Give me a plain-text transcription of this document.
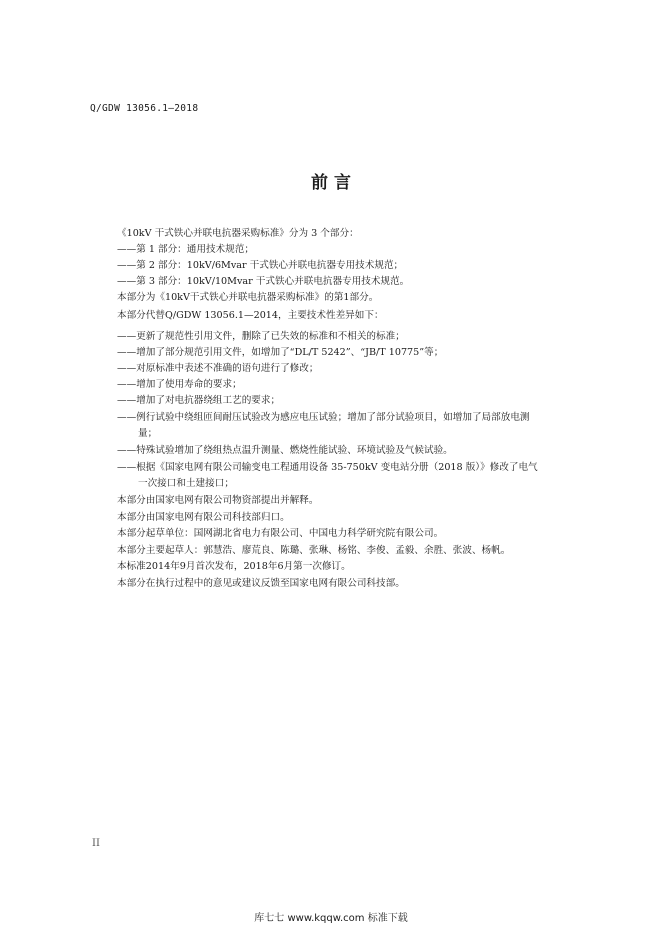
Q/GDW 13056.1—2018
前 言
《10kV 干式铁心并联电抗器采购标准》分为 3 个部分：
——第 1 部分：通用技术规范；
——第 2 部分：10kV/6Mvar 干式铁心并联电抗器专用技术规范；
——第 3 部分：10kV/10Mvar 干式铁心并联电抗器专用技术规范。
本部分为《10kV干式铁心并联电抗器采购标准》的第1部分。
本部分代替Q/GDW 13056.1—2014，主要技术性差异如下：
——更新了规范性引用文件，删除了已失效的标准和不相关的标准；
——增加了部分规范引用文件，如增加了“DL/T 5242”、“JB/T 10775”等；
——对原标准中表述不准确的语句进行了修改；
——增加了使用寿命的要求；
——增加了对电抗器绕组工艺的要求；
——例行试验中绕组匝间耐压试验改为感应电压试验；增加了部分试验项目，如增加了局部放电测
量；
——特殊试验增加了绕组热点温升测量、燃烧性能试验、环境试验及气候试验。
——根据《国家电网有限公司输变电工程通用设备 35-750kV 变电站分册（2018 版）》修改了电气
一次接口和土建接口；
本部分由国家电网有限公司物资部提出并解释。
本部分由国家电网有限公司科技部归口。
本部分起草单位：国网湖北省电力有限公司、中国电力科学研究院有限公司。
本部分主要起草人：郭慧浩、廖荒良、陈璐、张琳、杨铭、李俊、孟毅、余胜、张波、杨帆。
本标准2014年9月首次发布，2018年6月第一次修订。
本部分在执行过程中的意见或建议反馈至国家电网有限公司科技部。
II
库七七 www.kqqw.com 标准下载
